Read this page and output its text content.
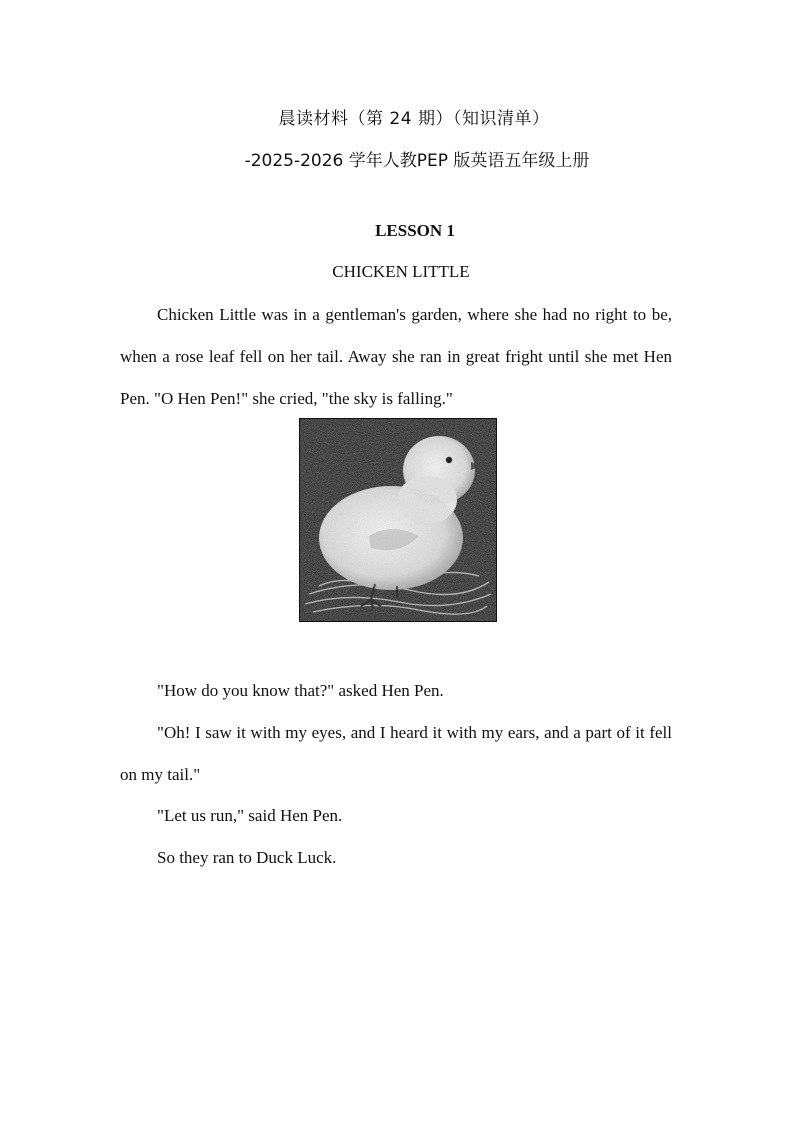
晨读材料（第 24 期）（知识清单）
-2025-2026 学年人教PEP 版英语五年级上册
LESSON 1
CHICKEN LITTLE

Chicken Little was in a gentleman's garden, where she had no right to be, when a rose leaf fell on her tail. Away she ran in great fright until she met Hen Pen. "O Hen Pen!" she cried, "the sky is falling."

"How do you know that?" asked Hen Pen.

"Oh! I saw it with my eyes, and I heard it with my ears, and a part of it fell on my tail."

"Let us run," said Hen Pen.
So they ran to Duck Luck.
